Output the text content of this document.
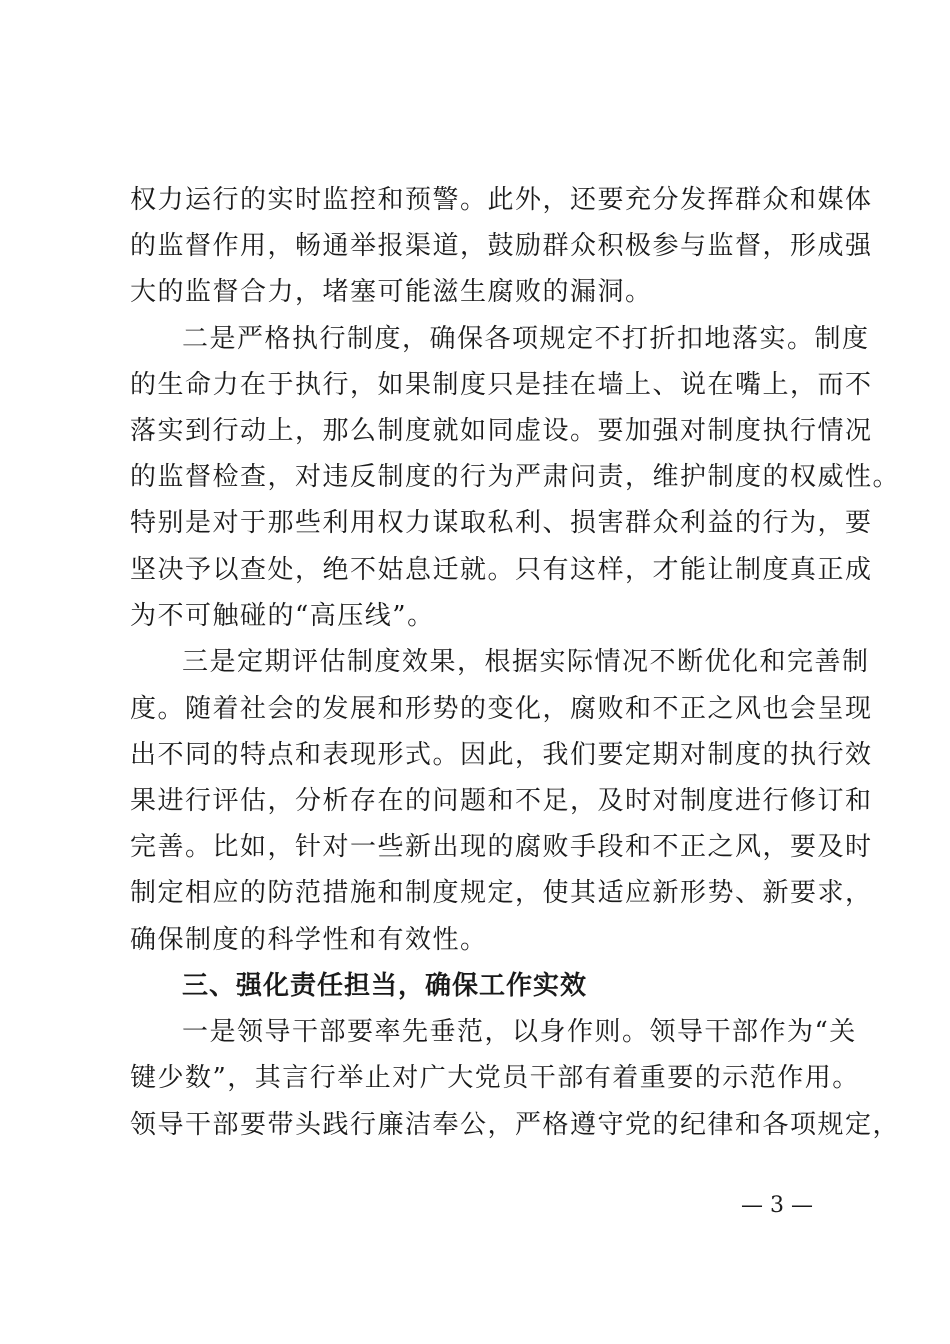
权力运行的实时监控和预警。此外，还要充分发挥群众和媒体
的监督作用，畅通举报渠道，鼓励群众积极参与监督，形成强
大的监督合力，堵塞可能滋生腐败的漏洞。
二是严格执行制度，确保各项规定不打折扣地落实。制度
的生命力在于执行，如果制度只是挂在墙上、说在嘴上，而不
落实到行动上，那么制度就如同虚设。要加强对制度执行情况
的监督检查，对违反制度的行为严肃问责，维护制度的权威性。
特别是对于那些利用权力谋取私利、损害群众利益的行为，要
坚决予以查处，绝不姑息迁就。只有这样，才能让制度真正成
为不可触碰的“高压线”。
三是定期评估制度效果，根据实际情况不断优化和完善制
度。随着社会的发展和形势的变化，腐败和不正之风也会呈现
出不同的特点和表现形式。因此，我们要定期对制度的执行效
果进行评估，分析存在的问题和不足，及时对制度进行修订和
完善。比如，针对一些新出现的腐败手段和不正之风，要及时
制定相应的防范措施和制度规定，使其适应新形势、新要求，
确保制度的科学性和有效性。
三、强化责任担当，确保工作实效
一是领导干部要率先垂范，以身作则。领导干部作为“关
键少数”，其言行举止对广大党员干部有着重要的示范作用。
领导干部要带头践行廉洁奉公，严格遵守党的纪律和各项规定，
— 3 —
